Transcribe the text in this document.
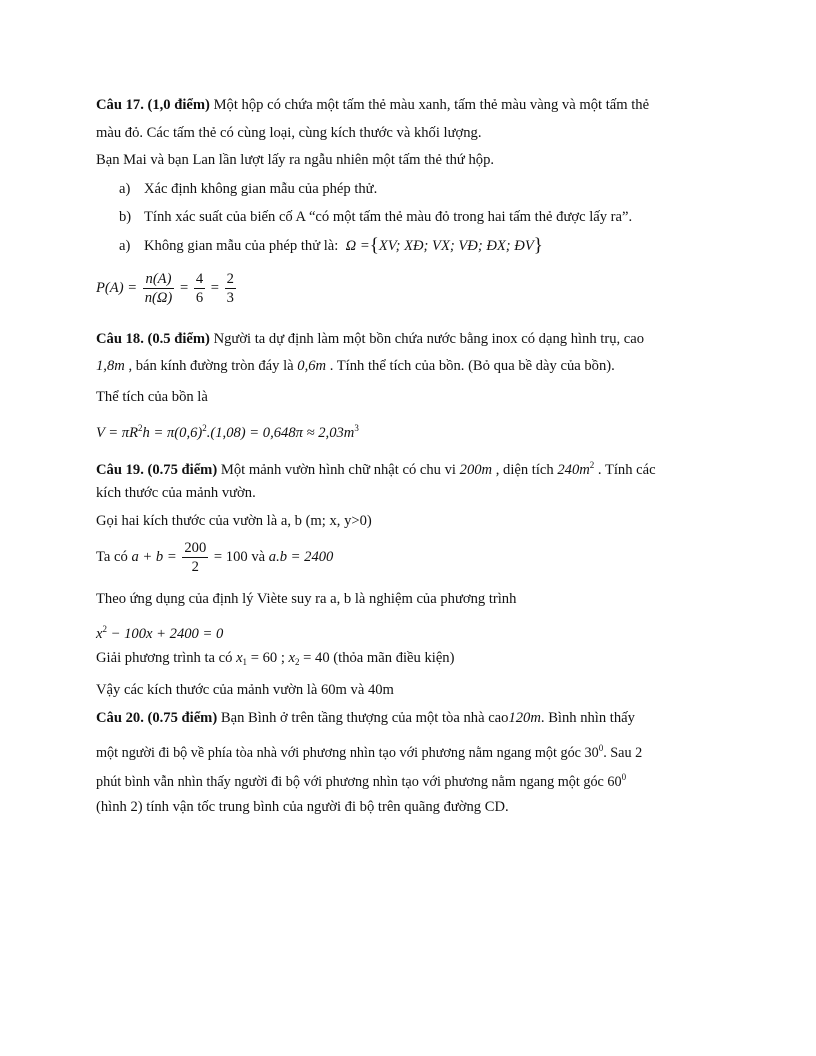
Câu 17. (1,0 điểm) Một hộp có chứa một tấm thẻ màu xanh, tấm thẻ màu vàng và một tấm thẻ
màu đỏ. Các tấm thẻ có cùng loại, cùng kích thước và khối lượng.
Bạn Mai và bạn Lan lần lượt lấy ra ngẫu nhiên một tấm thẻ thứ hộp.
a) Xác định không gian mẫu của phép thử.
b) Tính xác suất của biến cố A “có một tấm thẻ màu đỏ trong hai tấm thẻ được lấy ra”.
a) Không gian mẫu của phép thử là: Ω ={XV; XĐ; VX; VĐ; ĐX; ĐV}
$P(A) = \frac{n(A)}{n(\Omega)} = \frac{4}{6} = \frac{2}{3}$
Câu 18. (0.5 điểm) Người ta dự định làm một bồn chứa nước bằng inox có dạng hình trụ, cao
1,8m , bán kính đường tròn đáy là 0,6m . Tính thể tích của bồn. (Bỏ qua bề dày của bồn).
Thể tích của bồn là
$V = \pi R^2h = \pi(0,6)^2.(1,08) = 0,648\pi \approx 2,03m^3$
Câu 19. (0.75 điểm) Một mảnh vườn hình chữ nhật có chu vi 200m , diện tích $240m^2$ . Tính các
kích thước của mảnh vườn.
Gọi hai kích thước của vườn là a, b (m; x, y>0)
Ta có $a + b = \frac{200}{2} = 100$ và a.b = 2400
Theo ứng dụng của định lý Viète suy ra a, b là nghiệm của phương trình
$x^2 - 100x + 2400 = 0$
Giải phương trình ta có $x_1 = 60$ ; $x_2 = 40$ (thỏa mãn điều kiện)
Vậy các kích thước của mảnh vườn là 60m và 40m
Câu 20. (0.75 điểm) Bạn Bình ở trên tầng thượng của một tòa nhà cao120m. Bình nhìn thấy
một người đi bộ về phía tòa nhà với phương nhìn tạo với phương nằm ngang một góc $30^0$. Sau 2
phút bình vẫn nhìn thấy người đi bộ với phương nhìn tạo với phương nằm ngang một góc $60^0$
(hình 2) tính vận tốc trung bình của người đi bộ trên quãng đường CD.
